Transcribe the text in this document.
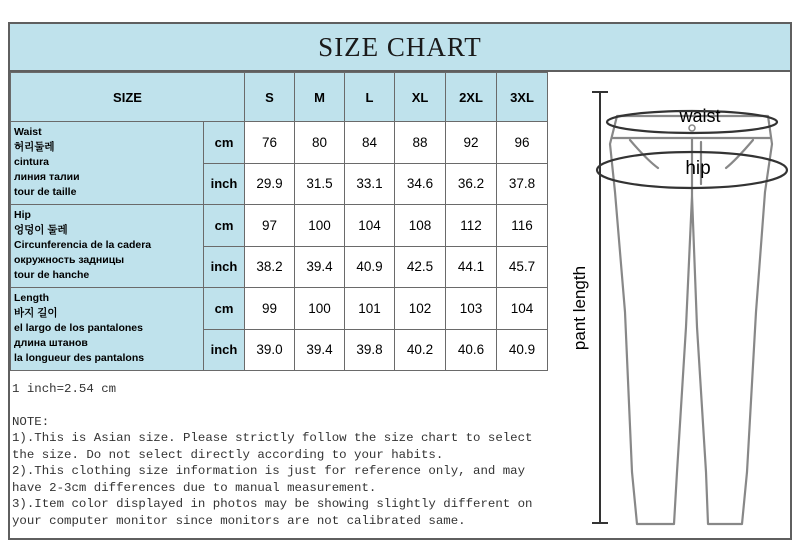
SIZE CHART
SIZE		S	M	L	XL	2XL	3XL

Waist
허리둘레
cintura
линия талии
tour de taille	cm	76	80	84	88	92	96
	inch	29.9	31.5	33.1	34.6	36.2	37.8

Hip
엉덩이 둘레
Circunferencia de la cadera
окружность задницы
tour de hanche	cm	97	100	104	108	112	116
	inch	38.2	39.4	40.9	42.5	44.1	45.7

Length
바지 길이
el largo de los pantalones
длина штанов
la longueur des pantalons	cm	99	100	101	102	103	104
	inch	39.0	39.4	39.8	40.2	40.6	40.9

1 inch=2.54 cm

NOTE:

1).This is Asian size. Please strictly follow the size chart to select the size. Do not select directly according to your habits.

2).This clothing size information is just for reference only, and may have 2-3cm differences due to manual measurement.

3).Item color displayed in photos may be showing slightly different on your computer monitor since monitors are not calibrated same.

waist
hip
pant length
